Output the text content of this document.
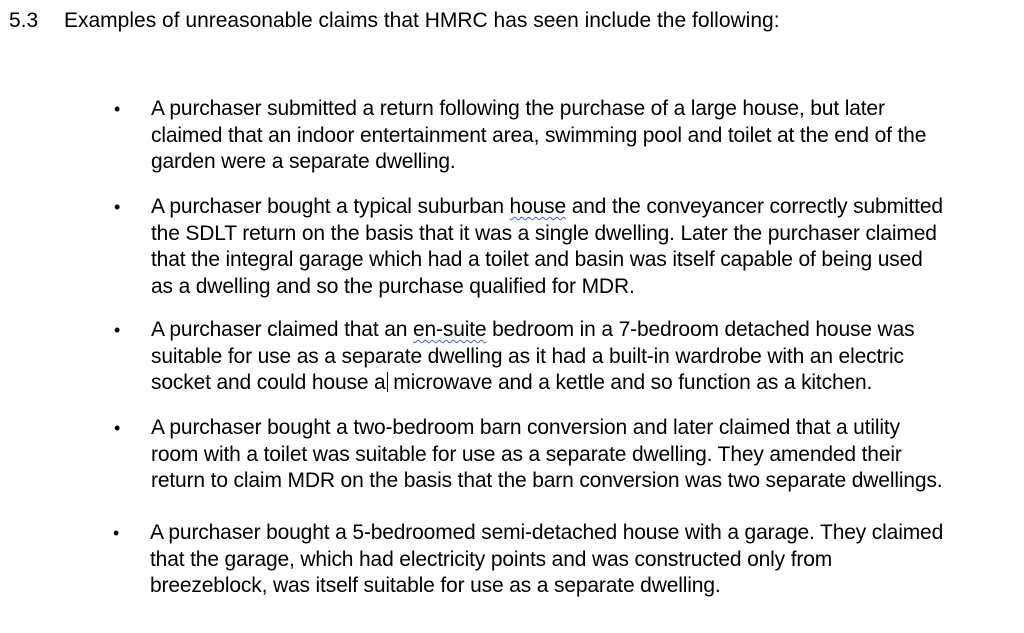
5.3 Examples of unreasonable claims that HMRC has seen include the following:
• A purchaser submitted a return following the purchase of a large house, but later
claimed that an indoor entertainment area, swimming pool and toilet at the end of the
garden were a separate dwelling.
• A purchaser bought a typical suburban house and the conveyancer correctly submitted
the SDLT return on the basis that it was a single dwelling. Later the purchaser claimed
that the integral garage which had a toilet and basin was itself capable of being used
as a dwelling and so the purchase qualified for MDR.
• A purchaser claimed that an en-suite bedroom in a 7-bedroom detached house was
suitable for use as a separate dwelling as it had a built-in wardrobe with an electric
socket and could house a microwave and a kettle and so function as a kitchen.
• A purchaser bought a two-bedroom barn conversion and later claimed that a utility
room with a toilet was suitable for use as a separate dwelling. They amended their
return to claim MDR on the basis that the barn conversion was two separate dwellings.
• A purchaser bought a 5-bedroomed semi-detached house with a garage. They claimed
that the garage, which had electricity points and was constructed only from
breezeblock, was itself suitable for use as a separate dwelling.
